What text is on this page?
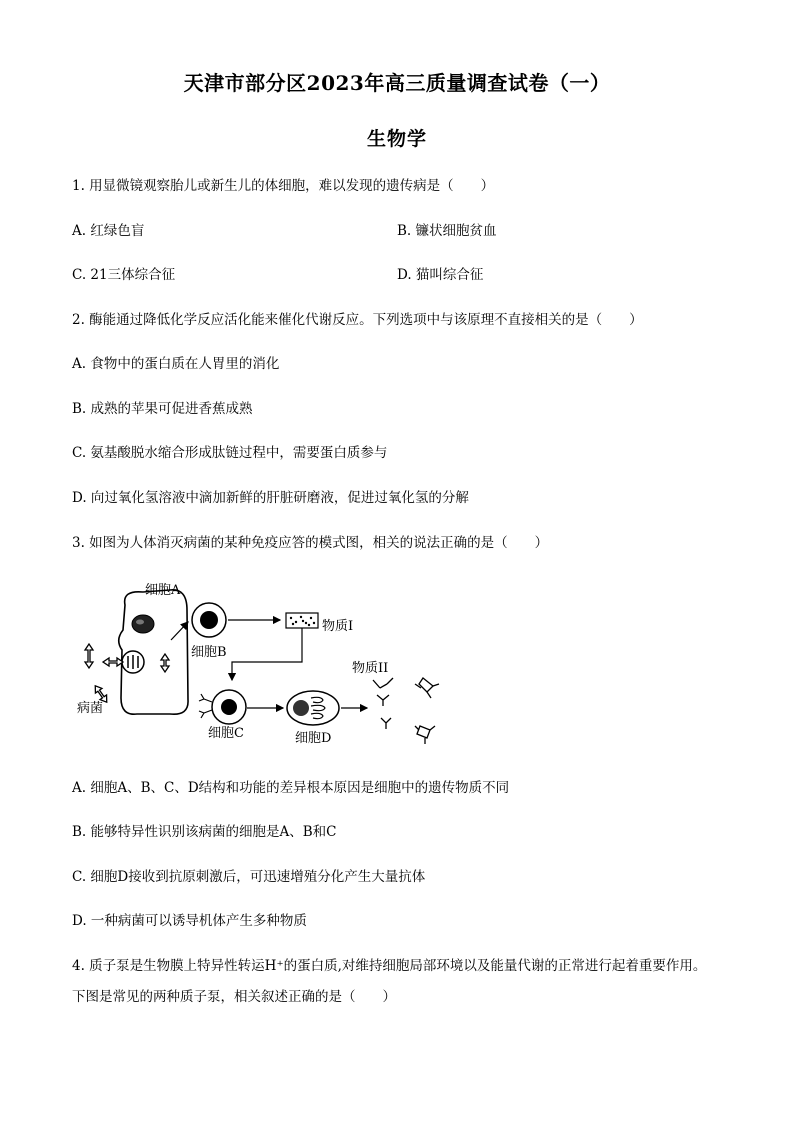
天津市部分区2023年高三质量调查试卷（一）
生物学
1. 用显微镜观察胎儿或新生儿的体细胞，难以发现的遗传病是（　　）
A. 红绿色盲	B. 镰状细胞贫血
C. 21三体综合征	D. 猫叫综合征
2. 酶能通过降低化学反应活化能来催化代谢反应。下列选项中与该原理不直接相关的是（　　）
A. 食物中的蛋白质在人胃里的消化
B. 成熟的苹果可促进香蕉成熟
C. 氨基酸脱水缩合形成肽链过程中，需要蛋白质参与
D. 向过氧化氢溶液中滴加新鲜的肝脏研磨液，促进过氧化氢的分解
3. 如图为人体消灭病菌的某种免疫应答的模式图，相关的说法正确的是（　　）
细胞A
病菌
细胞B
物质I
细胞C	细胞D
物质II
A. 细胞A、B、C、D结构和功能的差异根本原因是细胞中的遗传物质不同
B. 能够特异性识别该病菌的细胞是A、B和C
C. 细胞D接收到抗原刺激后，可迅速增殖分化产生大量抗体
D. 一种病菌可以诱导机体产生多种物质
4. 质子泵是生物膜上特异性转运H⁺的蛋白质,对维持细胞局部环境以及能量代谢的正常进行起着重要作用。
下图是常见的两种质子泵，相关叙述正确的是（　　）
